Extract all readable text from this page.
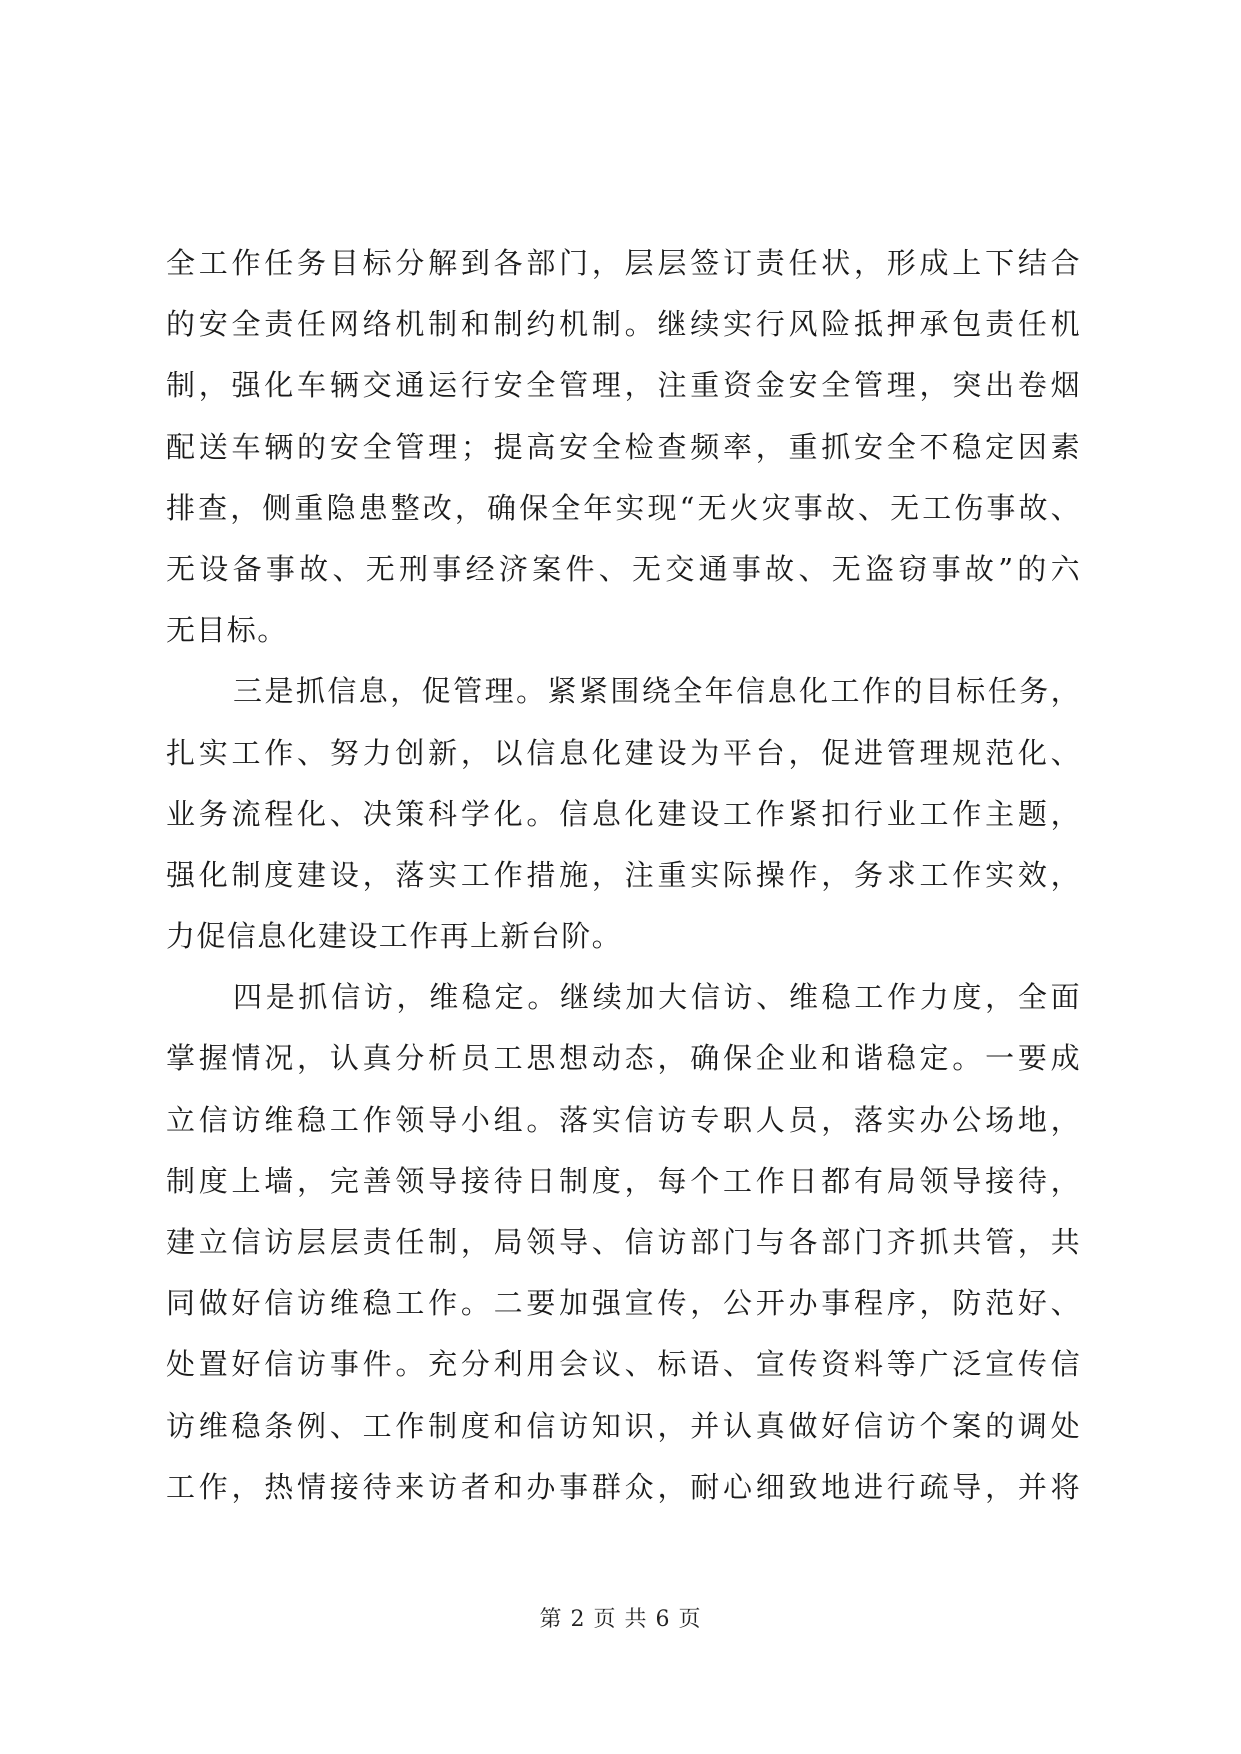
全工作任务目标分解到各部门，层层签订责任状，形成上下结合
的安全责任网络机制和制约机制。继续实行风险抵押承包责任机
制，强化车辆交通运行安全管理，注重资金安全管理，突出卷烟
配送车辆的安全管理；提高安全检查频率，重抓安全不稳定因素
排查，侧重隐患整改，确保全年实现“无火灾事故、无工伤事故、
无设备事故、无刑事经济案件、无交通事故、无盗窃事故”的六
无目标。
三是抓信息，促管理。紧紧围绕全年信息化工作的目标任务，
扎实工作、努力创新，以信息化建设为平台，促进管理规范化、
业务流程化、决策科学化。信息化建设工作紧扣行业工作主题，
强化制度建设，落实工作措施，注重实际操作，务求工作实效，
力促信息化建设工作再上新台阶。
四是抓信访，维稳定。继续加大信访、维稳工作力度，全面
掌握情况，认真分析员工思想动态，确保企业和谐稳定。一要成
立信访维稳工作领导小组。落实信访专职人员，落实办公场地，
制度上墙，完善领导接待日制度，每个工作日都有局领导接待，
建立信访层层责任制，局领导、信访部门与各部门齐抓共管，共
同做好信访维稳工作。二要加强宣传，公开办事程序，防范好、
处置好信访事件。充分利用会议、标语、宣传资料等广泛宣传信
访维稳条例、工作制度和信访知识，并认真做好信访个案的调处
工作，热情接待来访者和办事群众，耐心细致地进行疏导，并将
第 2 页 共 6 页
